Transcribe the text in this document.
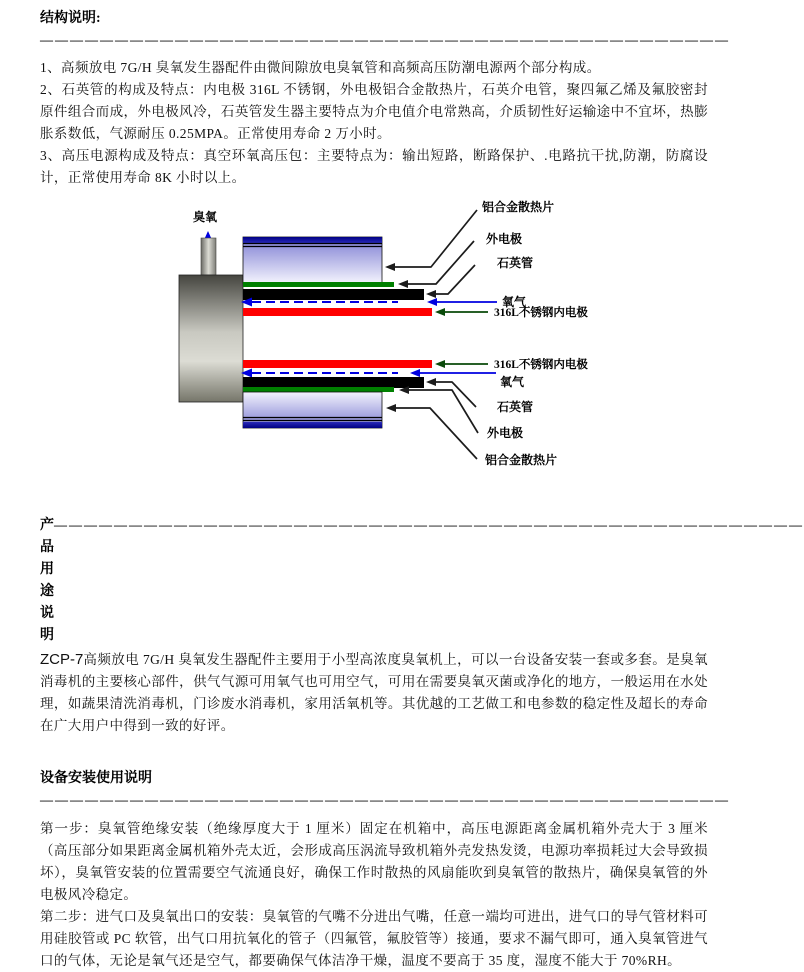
结构说明:
——————————————————————————————————————————————

1、高频放电 7G/H 臭氧发生器配件由微间隙放电臭氧管和高频高压防潮电源两个部分构成。

2、石英管的构成及特点：内电极 316L 不锈钢，外电极铝合金散热片，石英介电管，聚四氟乙烯及氟胶密封原件组合而成，外电极风冷，石英管发生器主要特点为介电值介电常熟高，介质韧性好运输途中不宜坏，热膨胀系数低，气源耐压 0.25MPA。正常使用寿命 2 万小时。

3、高压电源构成及特点：真空环氧高压包：主要特点为：输出短路，断路保护、.电路抗干扰,防潮，防腐设计，正常使用寿命 8K 小时以上。

臭氧
铝合金散热片
外电极
石英管
氧气
316L不锈钢内电极
316L不锈钢内电极
氧气
石英管
外电极
铝合金散热片
产品用途说明
——————————————————————————————————————————————————

ZCP-7高频放电 7G/H 臭氧发生器配件主要用于小型高浓度臭氧机上，可以一台设备安装一套或多套。是臭氧消毒机的主要核心部件，供气气源可用氧气也可用空气，可用在需要臭氧灭菌或净化的地方，一般运用在水处理，如蔬果清洗消毒机，门诊废水消毒机，家用活氧机等。其优越的工艺做工和电参数的稳定性及超长的寿命在广大用户中得到一致的好评。

设备安装使用说明
——————————————————————————————————————————————

第一步：臭氧管绝缘安装（绝缘厚度大于 1 厘米）固定在机箱中，高压电源距离金属机箱外壳大于 3 厘米（高压部分如果距离金属机箱外壳太近，会形成高压涡流导致机箱外壳发热发烫，电源功率损耗过大会导致损坏），臭氧管安装的位置需要空气流通良好，确保工作时散热的风扇能吹到臭氧管的散热片，确保臭氧管的外电极风冷稳定。

第二步：进气口及臭氧出口的安装：臭氧管的气嘴不分进出气嘴，任意一端均可进出，进气口的导气管材料可用硅胶管或 PC 软管，出气口用抗氧化的管子（四氟管，氟胶管等）接通，要求不漏气即可，通入臭氧管进气口的气体，无论是氧气还是空气，都要确保气体洁净干燥，温度不要高于 35 度，湿度不能大于 70%RH。
